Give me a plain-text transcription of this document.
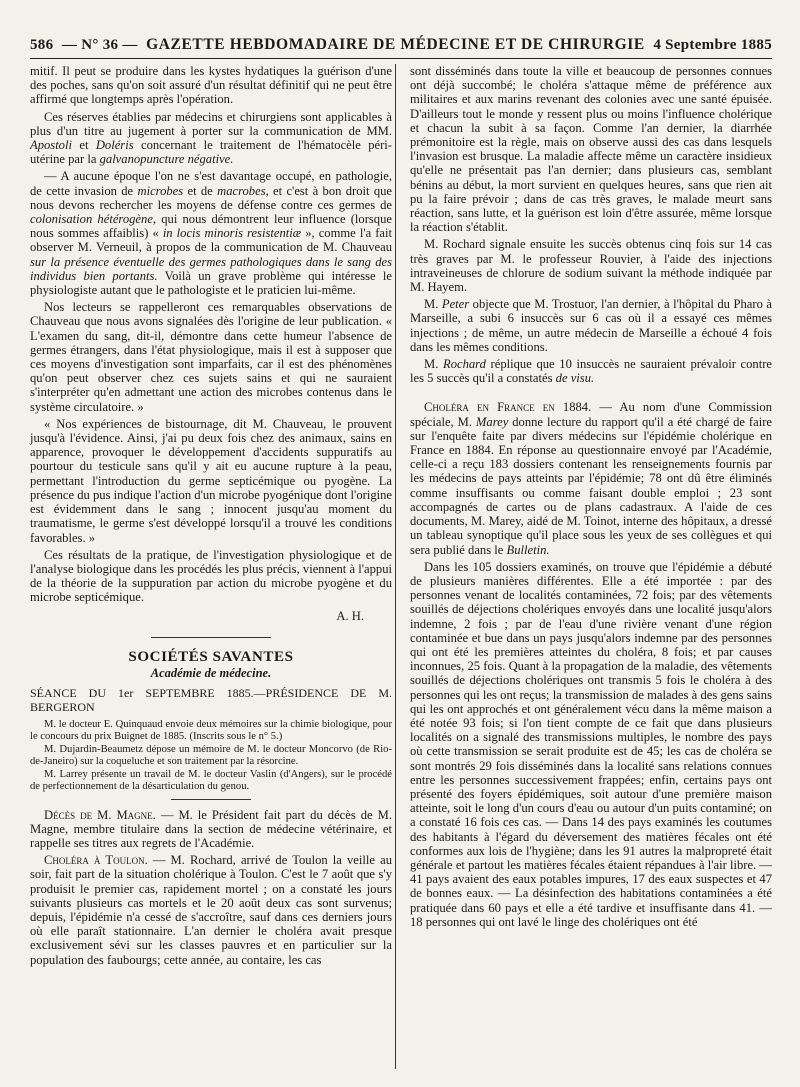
586 — N° 36 — GAZETTE HEBDOMADAIRE DE MÉDECINE ET DE CHIRURGIE 4 Septembre 1885

mitif. Il peut se produire dans les kystes hydatiques la guérison d'une des poches, sans qu'on soit assuré d'un résultat définitif qui ne peut être affirmé que longtemps après l'opération.

Ces réserves établies par médecins et chirurgiens sont applicables à plus d'un titre au jugement à porter sur la communication de MM. Apostoli et Doléris concernant le traitement de l'hématocèle péri-utérine par la galvanopuncture négative.

— A aucune époque l'on ne s'est davantage occupé, en pathologie, de cette invasion de microbes et de macrobes, et c'est à bon droit que nous devons rechercher les moyens de défense contre ces germes de colonisation hétérogène, qui nous démontrent leur influence (lorsque nous sommes affaiblis) « in locis minoris resistentiæ », comme l'a fait observer M. Verneuil, à propos de la communication de M. Chauveau sur la présence éventuelle des germes pathologiques dans le sang des individus bien portants. Voilà un grave problème qui intéresse le physiologiste autant que le pathologiste et le praticien lui-même.

Nos lecteurs se rappelleront ces remarquables observations de Chauveau que nous avons signalées dès l'origine de leur publication. « L'examen du sang, dit-il, démontre dans cette humeur l'absence de germes étrangers, dans l'état physiologique, mais il est à supposer que ces moyens d'investigation sont imparfaits, car il est des phénomènes qu'on peut observer chez ces sujets sains et qui ne sauraient s'interpréter qu'en admettant une action des microbes contenus dans le système circulatoire. »

« Nos expériences de bistournage, dit M. Chauveau, le prouvent jusqu'à l'évidence. Ainsi, j'ai pu deux fois chez des animaux, sains en apparence, provoquer le développement d'accidents suppuratifs au pourtour du testicule sans qu'il y ait eu aucune rupture à la peau, permettant l'introduction du germe septicémique ou pyogène. La présence du pus indique l'action d'un microbe pyogénique dont l'origine est évidemment dans le sang ; innocent jusqu'au moment du traumatisme, le germe s'est développé lorsqu'il a trouvé les conditions favorables. »

Ces résultats de la pratique, de l'investigation physiologique et de l'analyse biologique dans les procédés les plus précis, viennent à l'appui de la théorie de la suppuration par action du microbe pyogène et du microbe septicémique.

A. H.

SOCIÉTÉS SAVANTES
Académie de médecine.

SÉANCE DU 1er SEPTEMBRE 1885.—PRÉSIDENCE DE M. BERGERON

M. le docteur E. Quinquaud envoie deux mémoires sur la chimie biologique, pour le concours du prix Buignet de 1885. (Inscrits sous le n° 5.)

M. Dujardin-Beaumetz dépose un mémoire de M. le docteur Moncorvo (de Rio-de-Janeiro) sur la coqueluche et son traitement par la résorcine.

M. Larrey présente un travail de M. le docteur Vaslin (d'Angers), sur le procédé de perfectionnement de la désarticulation du genou.

Décès de M. Magne. — M. le Président fait part du décès de M. Magne, membre titulaire dans la section de médecine vétérinaire, et rappelle ses titres aux regrets de l'Académie.

Choléra à Toulon. — M. Rochard, arrivé de Toulon la veille au soir, fait part de la situation cholérique à Toulon. C'est le 7 août que s'y produisit le premier cas, rapidement mortel ; on a constaté les jours suivants plusieurs cas mortels et le 20 août deux cas sont survenus; depuis, l'épidémie n'a cessé de s'accroître, sauf dans ces derniers jours où elle paraît stationnaire. L'an dernier le choléra avait presque exclusivement sévi sur les classes pauvres et en particulier sur la population des faubourgs; cette année, au contaire, les cas

sont disséminés dans toute la ville et beaucoup de personnes connues ont déjà succombé; le choléra s'attaque même de préférence aux militaires et aux marins revenant des colonies avec une santé épuisée. D'ailleurs tout le monde y ressent plus ou moins l'influence cholérique et chacun la subit à sa façon. Comme l'an dernier, la diarrhée prémonitoire est la règle, mais on observe aussi des cas dans lesquels l'invasion est brusque. La maladie affecte même un caractère insidieux qu'elle ne présentait pas l'an dernier; dans plusieurs cas, semblant bénins au début, la mort survient en quelques heures, sans que rien ait pu la faire prévoir ; dans de cas très graves, le malade meurt sans réaction, sans lutte, et la guérison est loin d'être assurée, même lorsque la réaction s'établit.

M. Rochard signale ensuite les succès obtenus cinq fois sur 14 cas très graves par M. le professeur Rouvier, à l'aide des injections intraveineuses de chlorure de sodium suivant la méthode indiquée par M. Hayem.

M. Peter objecte que M. Trostuor, l'an dernier, à l'hôpital du Pharo à Marseille, a subi 6 insuccès sur 6 cas où il a essayé ces mêmes injections ; de même, un autre médecin de Marseille a échoué 4 fois dans les mêmes conditions.

M. Rochard réplique que 10 insuccès ne sauraient prévaloir contre les 5 succès qu'il a constatés de visu.

Choléra en France en 1884. — Au nom d'une Commission spéciale, M. Marey donne lecture du rapport qu'il a été chargé de faire sur l'enquête faite par divers médecins sur l'épidémie cholérique en France en 1884. En réponse au questionnaire envoyé par l'Académie, celle-ci a reçu 183 dossiers contenant les renseignements fournis par les médecins de pays atteints par l'épidémie; 78 ont dû être éliminés comme insuffisants ou comme faisant double emploi ; 23 sont accompagnés de cartes ou de plans cadastraux. A l'aide de ces documents, M. Marey, aidé de M. Toinot, interne des hôpitaux, a dressé un tableau synoptique qu'il place sous les yeux de ses collègues et qui sera publié dans le Bulletin.

Dans les 105 dossiers examinés, on trouve que l'épidémie a débuté de plusieurs manières différentes. Elle a été importée : par des personnes venant de localités contaminées, 72 fois; par des vêtements souillés de déjections cholériques envoyés dans une localité jusqu'alors indemne, 2 fois ; par de l'eau d'une rivière venant d'une région contaminée et bue dans un pays jusqu'alors indemne par des personnes qui ont été les premières atteintes du choléra, 8 fois; et par causes inconnues, 25 fois. Quant à la propagation de la maladie, des vêtements souillés de déjections cholériques ont transmis 5 fois le choléra à des personnes qui les ont reçus; la transmission de malades à des gens sains qui les ont approchés et ont généralement vécu dans la même maison a été notée 93 fois; si l'on tient compte de ce fait que dans plusieurs localités on a signalé des transmissions multiples, le nombre des pays où cette transmission se serait produite est de 45; les cas de choléra se sont montrés 29 fois disséminés dans la localité sans relations connues entre les personnes successivement frappées; enfin, certains pays ont présenté des foyers épidémiques, soit autour d'une première maison atteinte, soit le long d'un cours d'eau ou autour d'un puits contaminé; on a constaté 16 fois ces cas. — Dans 14 des pays examinés les coutumes des habitants à l'égard du déversement des matières fécales ont été conformes aux lois de l'hygiène; dans les 91 autres la malpropreté était générale et partout les matières fécales étaient répandues à l'air libre. — 41 pays avaient des eaux potables impures, 17 des eaux suspectes et 47 de bonnes eaux. — La désinfection des habitations contaminées a été pratiquée dans 60 pays et elle a été tardive et insuffisante dans 41. — 18 personnes qui ont lavé le linge des cholériques ont été
